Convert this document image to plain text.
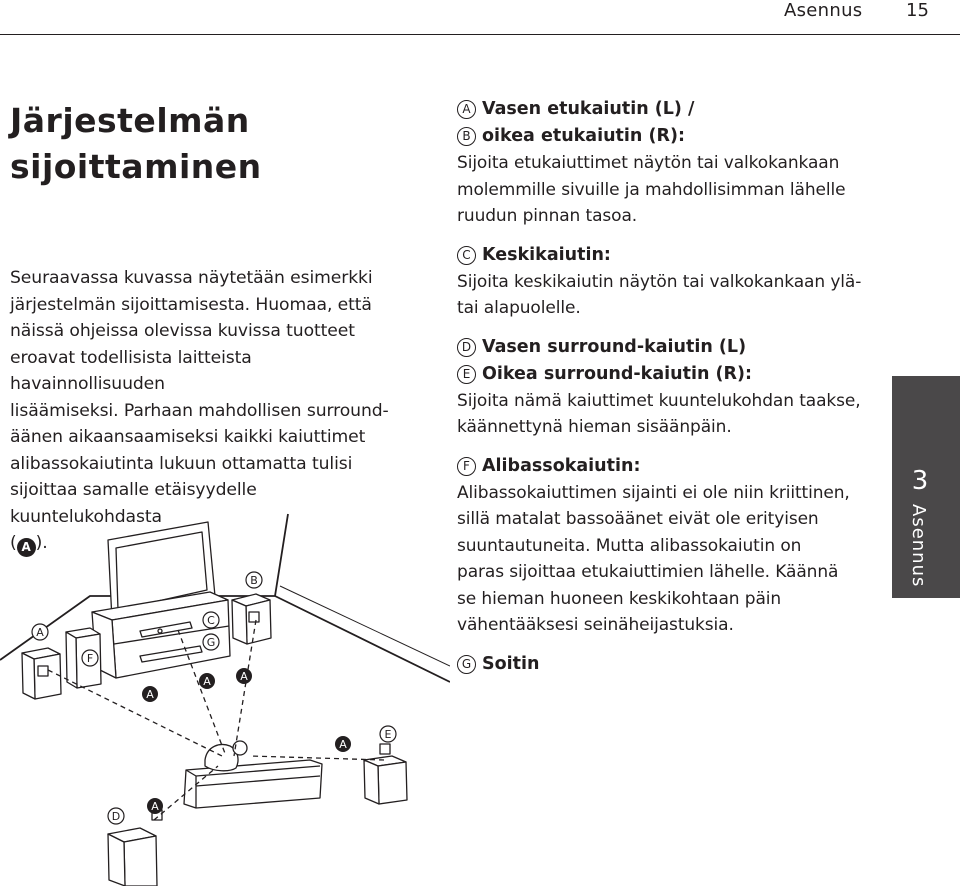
Asennus 15
Järjestelmän
sijoittaminen
Seuraavassa kuvassa näytetään esimerkki
järjestelmän sijoittamisesta. Huomaa, että
näissä ohjeissa olevissa kuvissa tuotteet
eroavat todellisista laitteista havainnollisuuden
lisäämiseksi. Parhaan mahdollisen surround-
äänen aikaansaamiseksi kaikki kaiuttimet
alibassokaiutinta lukuun ottamatta tulisi
sijoittaa samalle etäisyydelle kuuntelukohdasta
( A ).
A Vasen etukaiutin (L) /
B oikea etukaiutin (R):
Sijoita etukaiuttimet näytön tai valkokankaan
molemmille sivuille ja mahdollisimman lähelle
ruudun pinnan tasoa.
C Keskikaiutin:
Sijoita keskikaiutin näytön tai valkokankaan ylä-
tai alapuolelle.
D Vasen surround-kaiutin (L)
E Oikea surround-kaiutin (R):
Sijoita nämä kaiuttimet kuuntelukohdan taakse,
käännettynä hieman sisäänpäin.
F Alibassokaiutin:
Alibassokaiuttimen sijainti ei ole niin kriittinen,
sillä matalat bassoäänet eivät ole erityisen
suuntautuneita. Mutta alibassokaiutin on
paras sijoittaa etukaiuttimien lähelle. Käännä
se hieman huoneen keskikohtaan päin
vähentääksesi seinäheijastuksia.
G Soitin
3
Asennus
A
F
C
G
B
A
A	A
A
A
E
D
